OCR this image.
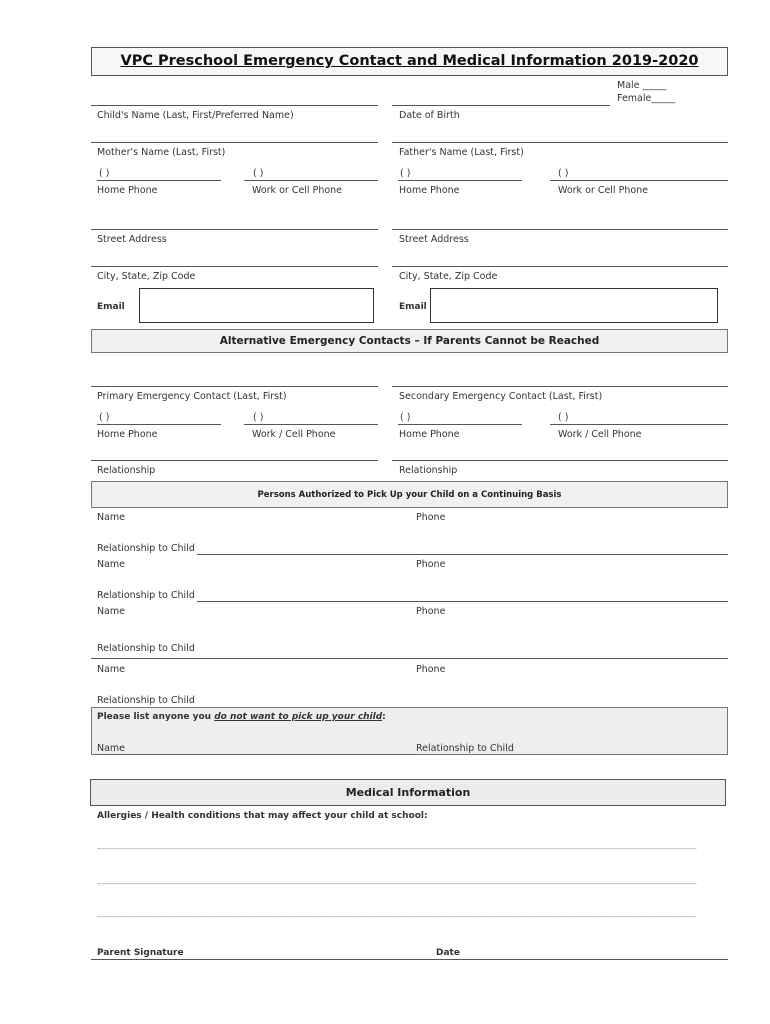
VPC Preschool Emergency Contact and Medical Information 2019-2020
Male _____
Female_____
Child's Name (Last, First/Preferred Name)	Date of Birth
Mother's Name (Last, First)	Father's Name (Last, First)
( )	( )	( )	( )
Home Phone	Work or Cell Phone	Home Phone	Work or Cell Phone
Street Address	Street Address
City, State, Zip Code	City, State, Zip Code
Email	Email
Alternative Emergency Contacts – If Parents Cannot be Reached
Primary Emergency Contact (Last, First)	Secondary Emergency Contact (Last, First)
( )	( )	( )	( )
Home Phone	Work / Cell Phone	Home Phone	Work / Cell Phone
Relationship	Relationship
Persons Authorized to Pick Up your Child on a Continuing Basis
Name	Phone
Relationship to Child
Name	Phone
Relationship to Child
Name	Phone
Relationship to Child
Name	Phone
Relationship to Child
Please list anyone you do not want to pick up your child:
Name	Relationship to Child
Medical Information
Allergies / Health conditions that may affect your child at school:
________________________________________________________________________________________________________________________
________________________________________________________________________________________________________________________
________________________________________________________________________________________________________________________
Parent Signature	Date
